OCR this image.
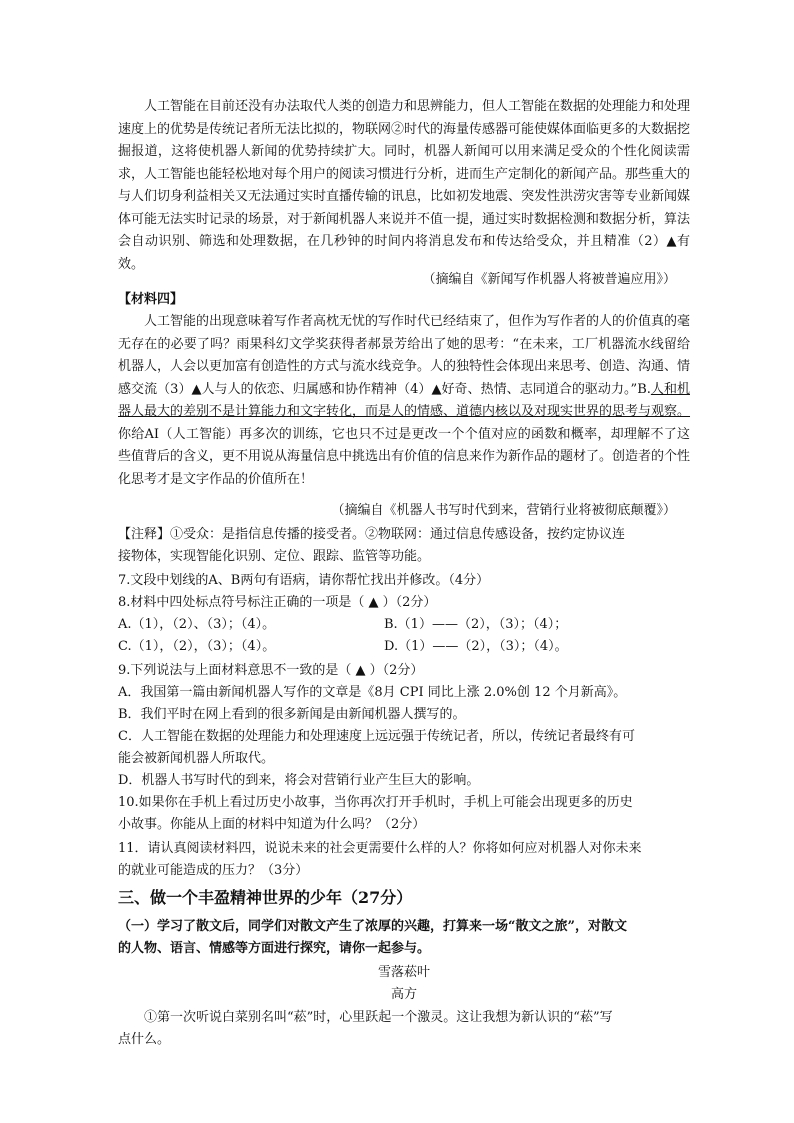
人工智能在目前还没有办法取代人类的创造力和思辨能力，但人工智能在数据的处理能力和处理速度上的优势是传统记者所无法比拟的，物联网②时代的海量传感器可能使媒体面临更多的大数据挖掘报道，这将使机器人新闻的优势持续扩大。同时，机器人新闻可以用来满足受众的个性化阅读需求，人工智能也能轻松地对每个用户的阅读习惯进行分析，进而生产定制化的新闻产品。那些重大的与人们切身利益相关又无法通过实时直播传输的讯息，比如初发地震、突发性洪涝灾害等专业新闻媒体可能无法实时记录的场景，对于新闻机器人来说并不值一提，通过实时数据检测和数据分析，算法会自动识别、筛选和处理数据，在几秒钟的时间内将消息发布和传达给受众，并且精准（2）▲有效。
（摘编自《新闻写作机器人将被普遍应用》）
【材料四】
人工智能的出现意味着写作者高枕无忧的写作时代已经结束了，但作为写作者的人的价值真的毫无存在的必要了吗？雨果科幻文学奖获得者郝景芳给出了她的思考：“在未来，工厂机器流水线留给机器人，人会以更加富有创造性的方式与流水线竞争。人的独特性会体现出来思考、创造、沟通、情感交流（3）▲人与人的依恋、归属感和协作精神（4）▲好奇、热情、志同道合的驱动力。”B.人和机器人最大的差别不是计算能力和文字转化，而是人的情感、道德内核以及对现实世界的思考与观察。你给AI（人工智能）再多次的训练，它也只不过是更改一个个值对应的函数和概率，却理解不了这些值背后的含义，更不用说从海量信息中挑选出有价值的信息来作为新作品的题材了。创造者的个性化思考才是文字作品的价值所在！
（摘编自《机器人书写时代到来，营销行业将被彻底颠覆》）
【注释】①受众：是指信息传播的接受者。②物联网：通过信息传感设备，按约定协议连
接物体，实现智能化识别、定位、跟踪、监管等功能。
7.文段中划线的A、B两句有语病，请你帮忙找出并修改。（4分）
8.材料中四处标点符号标注正确的一项是（ ▲ ）（2分）
A.（1），（2）、（3）；（4）。	B.（1）——（2），（3）；（4）；
C.（1），（2），（3）；（4）。	D.（1）——（2），（3）；（4）。
9.下列说法与上面材料意思不一致的是（ ▲ ）（2分）
A．我国第一篇由新闻机器人写作的文章是《8月 CPI 同比上涨 2.0%创 12 个月新高》。
B．我们平时在网上看到的很多新闻是由新闻机器人撰写的。
C．人工智能在数据的处理能力和处理速度上远远强于传统记者，所以，传统记者最终有可
能会被新闻机器人所取代。
D．机器人书写时代的到来，将会对营销行业产生巨大的影响。
10.如果你在手机上看过历史小故事，当你再次打开手机时，手机上可能会出现更多的历史
小故事。你能从上面的材料中知道为什么吗？（2分）
11．请认真阅读材料四，说说未来的社会更需要什么样的人？你将如何应对机器人对你未来
的就业可能造成的压力？（3分）
三、做一个丰盈精神世界的少年（27分）
（一）学习了散文后，同学们对散文产生了浓厚的兴趣，打算来一场“散文之旅”，对散文
的人物、语言、情感等方面进行探究，请你一起参与。
雪落菘叶
高方
①第一次听说白菜别名叫“菘”时，心里跃起一个激灵。这让我想为新认识的“菘”写
点什么。
